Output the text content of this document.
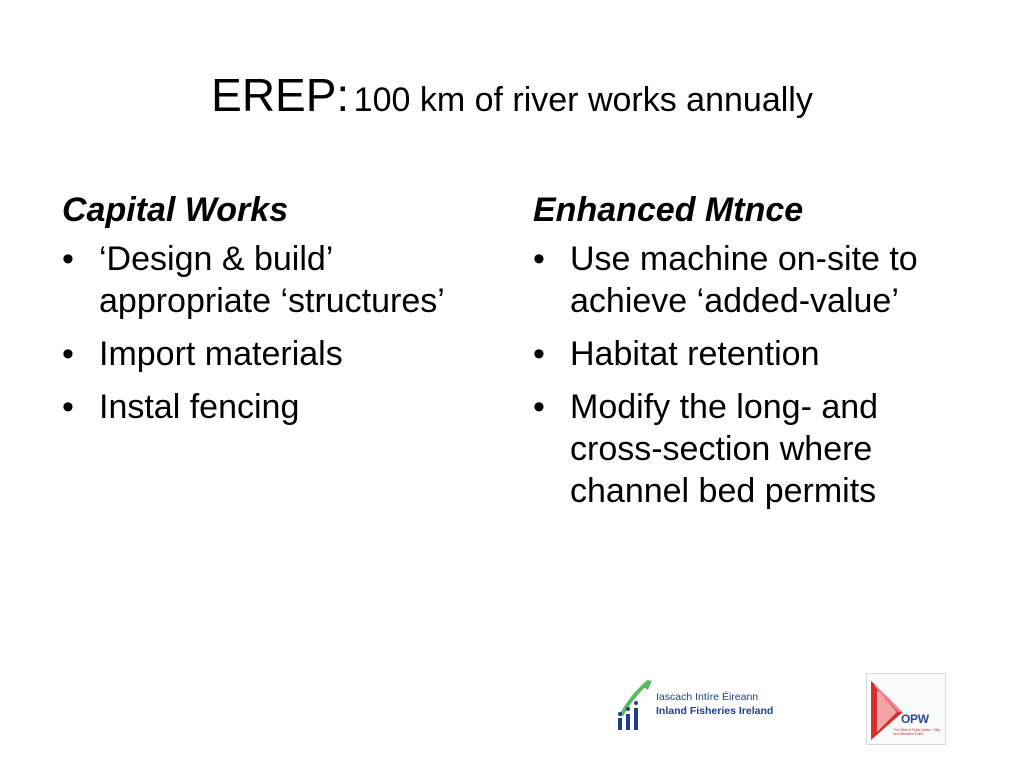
EREP: 100 km of river works annually
Capital Works
• ‘Design & build’ appropriate ‘structures’
• Import materials
• Instal fencing
Enhanced Mtnce
• Use machine on-site to achieve ‘added-value’
• Habitat retention
• Modify the long- and cross-section where channel bed permits
Iascach Intíre Éireann
Inland Fisheries Ireland
OPW
The Office of Public Works · Oifig na nOibreacha Poiblí
